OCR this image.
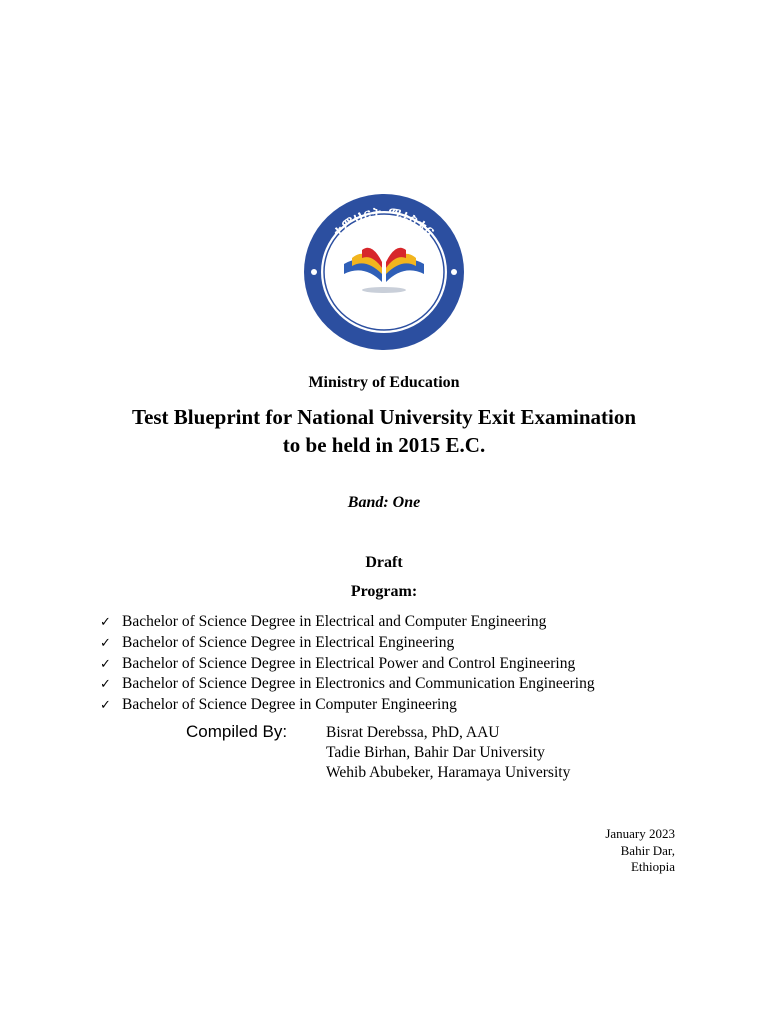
ተምህርት ሚኒስቴር
NISTRY OF EDUCATI
Ministry of Education
Test Blueprint for National University Exit Examination
to be held in 2015 E.C.
Band: One
Draft
Program:
✓ Bachelor of Science Degree in Electrical and Computer Engineering
✓ Bachelor of Science Degree in Electrical Engineering
✓ Bachelor of Science Degree in Electrical Power and Control Engineering
✓ Bachelor of Science Degree in Electronics and Communication Engineering
✓ Bachelor of Science Degree in Computer Engineering
Compiled By:	Bisrat Derebssa, PhD, AAU
Tadie Birhan, Bahir Dar University
Wehib Abubeker, Haramaya University
January 2023
Bahir Dar,
Ethiopia
